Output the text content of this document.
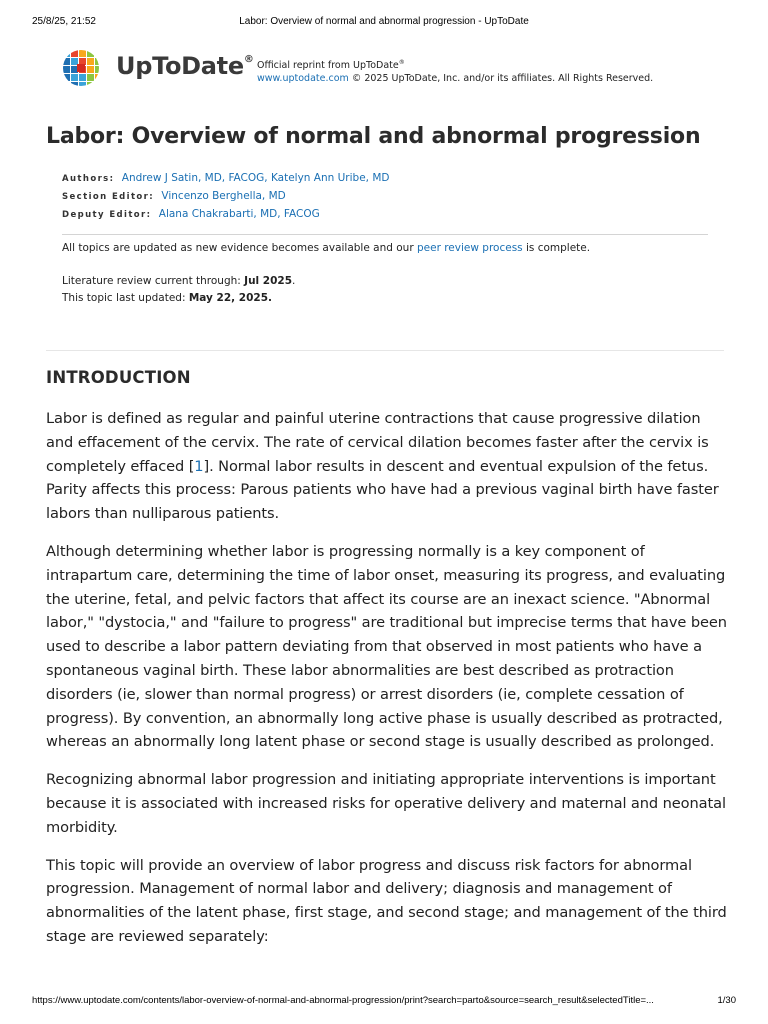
25/8/25, 21:52	Labor: Overview of normal and abnormal progression - UpToDate
UpToDate®
Official reprint from UpToDate®
www.uptodate.com © 2025 UpToDate, Inc. and/or its affiliates. All Rights Reserved.
Labor: Overview of normal and abnormal progression
Authors: Andrew J Satin, MD, FACOG, Katelyn Ann Uribe, MD
Section Editor: Vincenzo Berghella, MD
Deputy Editor: Alana Chakrabarti, MD, FACOG
All topics are updated as new evidence becomes available and our peer review process is complete.
Literature review current through: Jul 2025.
This topic last updated: May 22, 2025.
INTRODUCTION

Labor is defined as regular and painful uterine contractions that cause progressive dilation and effacement of the cervix. The rate of cervical dilation becomes faster after the cervix is completely effaced [1]. Normal labor results in descent and eventual expulsion of the fetus. Parity affects this process: Parous patients who have had a previous vaginal birth have faster labors than nulliparous patients.

Although determining whether labor is progressing normally is a key component of intrapartum care, determining the time of labor onset, measuring its progress, and evaluating the uterine, fetal, and pelvic factors that affect its course are an inexact science. "Abnormal labor," "dystocia," and "failure to progress" are traditional but imprecise terms that have been used to describe a labor pattern deviating from that observed in most patients who have a spontaneous vaginal birth. These labor abnormalities are best described as protraction disorders (ie, slower than normal progress) or arrest disorders (ie, complete cessation of progress). By convention, an abnormally long active phase is usually described as protracted, whereas an abnormally long latent phase or second stage is usually described as prolonged.

Recognizing abnormal labor progression and initiating appropriate interventions is important because it is associated with increased risks for operative delivery and maternal and neonatal morbidity.

This topic will provide an overview of labor progress and discuss risk factors for abnormal progression. Management of normal labor and delivery; diagnosis and management of abnormalities of the latent phase, first stage, and second stage; and management of the third stage are reviewed separately:

https://www.uptodate.com/contents/labor-overview-of-normal-and-abnormal-progression/print?search=parto&source=search_result&selectedTitle=...	1/30
